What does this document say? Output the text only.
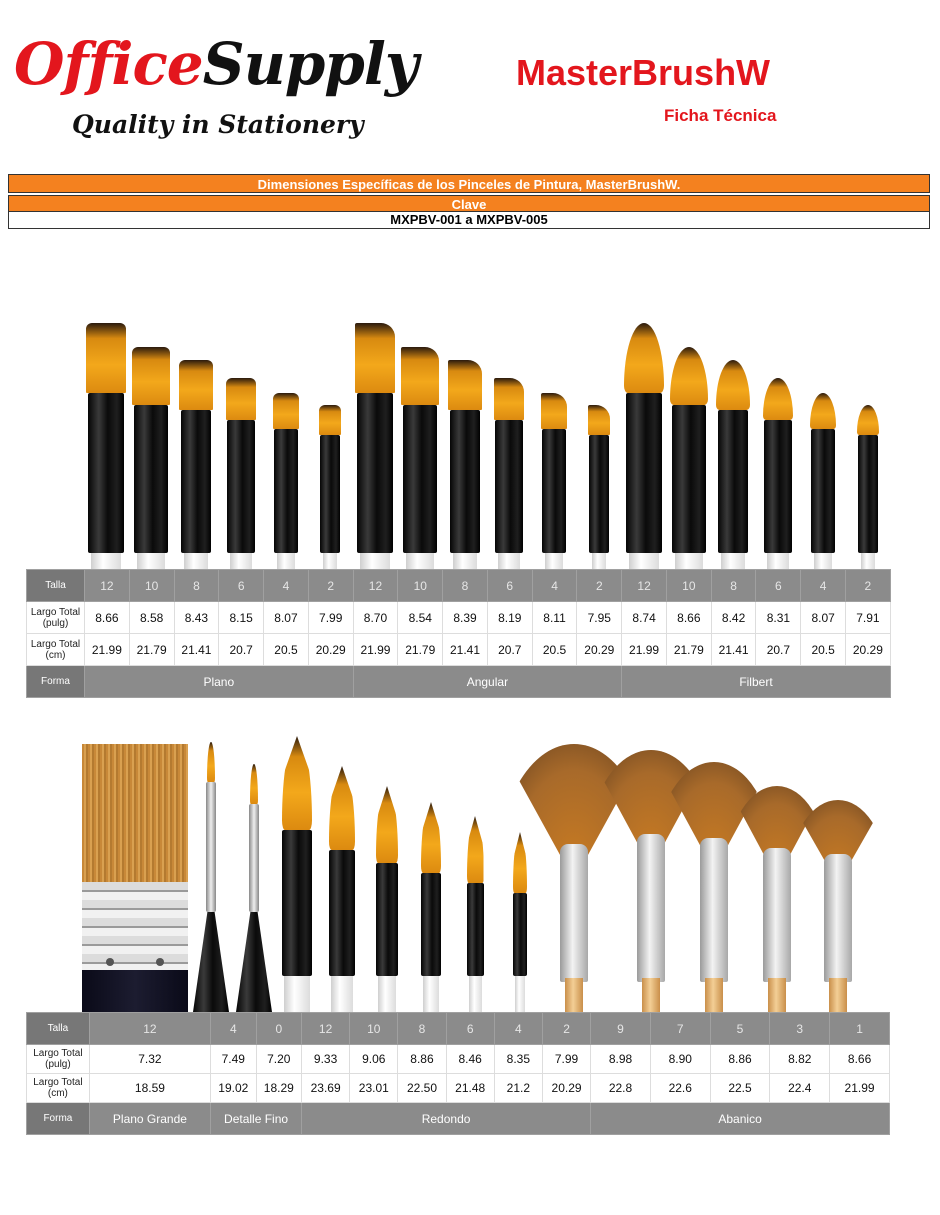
OfficeSupply
Quality in Stationery
MasterBrushW
Ficha Técnica
Dimensiones Específicas de los Pinceles de Pintura, MasterBrushW.
Clave
MXPBV-001 a MXPBV-005
Talla	12	10	8	6	4	2	12	10	8	6	4	2	12	10	8	6	4	2
Largo Total (pulg)	8.66	8.58	8.43	8.15	8.07	7.99	8.70	8.54	8.39	8.19	8.11	7.95	8.74	8.66	8.42	8.31	8.07	7.91
Largo Total (cm)	21.99	21.79	21.41	20.7	20.5	20.29	21.99	21.79	21.41	20.7	20.5	20.29	21.99	21.79	21.41	20.7	20.5	20.29
Forma	Plano						Angular						Filbert					
Talla	12	4	0	12	10	8	6	4	2	9	7	5	3	1
Largo Total (pulg)	7.32	7.49	7.20	9.33	9.06	8.86	8.46	8.35	7.99	8.98	8.90	8.86	8.82	8.66
Largo Total (cm)	18.59	19.02	18.29	23.69	23.01	22.50	21.48	21.2	20.29	22.8	22.6	22.5	22.4	21.99
Forma	Plano Grande	Detalle Fino		Redondo						Abanico				
